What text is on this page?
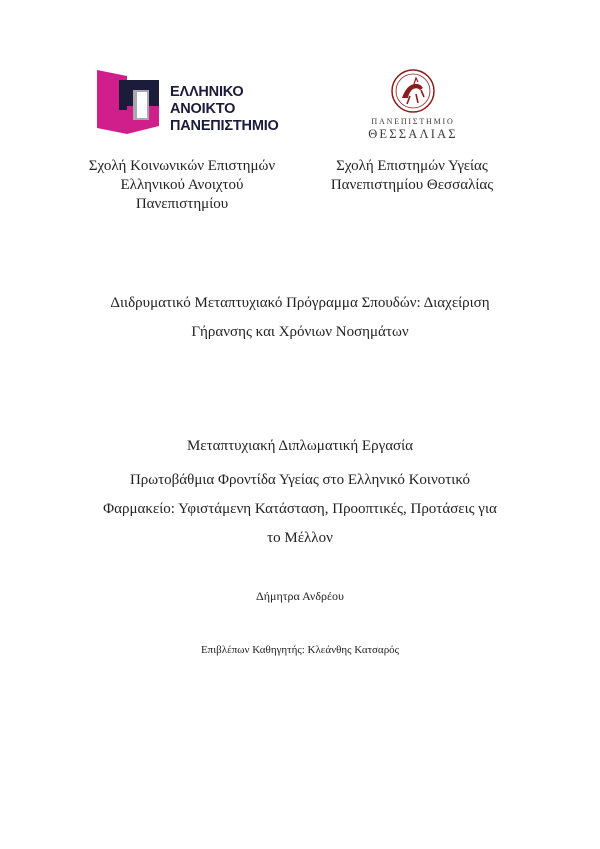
ΕΛΛΗΝΙΚΟ
ΑΝΟΙΚΤΟ
ΠΑΝΕΠΙΣΤΗΜΙΟ	ΠΑΝΕΠΙΣΤΗΜΙΟ
ΘΕΣΣΑΛΙΑΣ
Σχολή Κοινωνικών Επιστημών
Ελληνικού Ανοιχτού
Πανεπιστημίου
Σχολή Επιστημών Υγείας
Πανεπιστημίου Θεσσαλίας
Διιδρυματικό Μεταπτυχιακό Πρόγραμμα Σπουδών: Διαχείριση
Γήρανσης και Χρόνιων Νοσημάτων
Μεταπτυχιακή Διπλωματική Εργασία
Πρωτοβάθμια Φροντίδα Υγείας στο Ελληνικό Κοινοτικό
Φαρμακείο: Υφιστάμενη Κατάσταση, Προοπτικές, Προτάσεις για
το Μέλλον
Δήμητρα Ανδρέου
Επιβλέπων Καθηγητής: Κλεάνθης Κατσαρός
